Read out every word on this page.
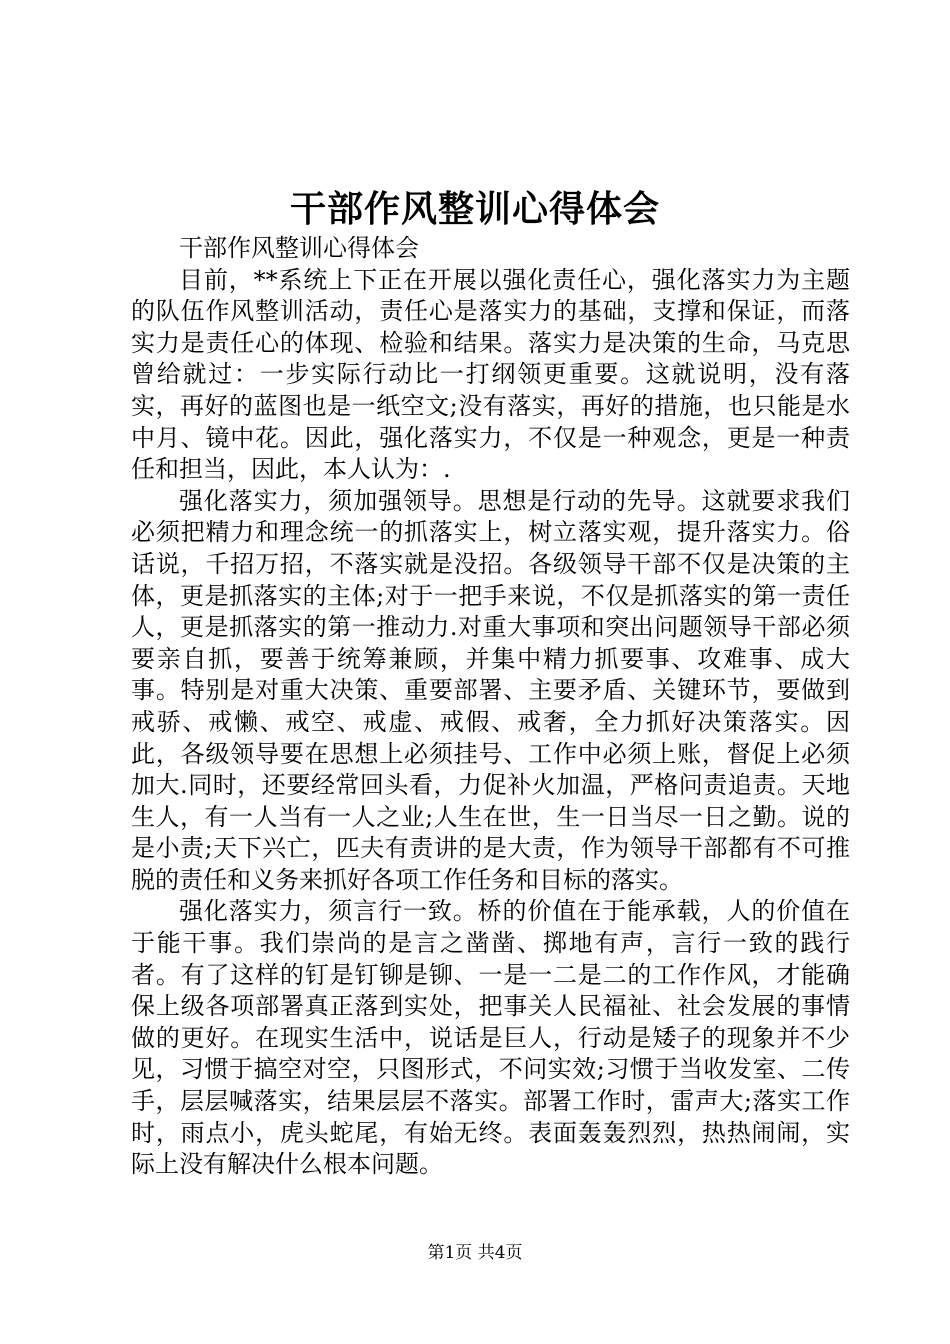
干部作风整训心得体会

干部作风整训心得体会

目前，**系统上下正在开展以强化责任心，强化落实力为主题的队伍作风整训活动，责任心是落实力的基础，支撑和保证，而落实力是责任心的体现、检验和结果。落实力是决策的生命，马克思曾给就过：一步实际行动比一打纲领更重要。这就说明，没有落实，再好的蓝图也是一纸空文;没有落实，再好的措施，也只能是水中月、镜中花。因此，强化落实力，不仅是一种观念，更是一种责任和担当，因此，本人认为：.

强化落实力，须加强领导。思想是行动的先导。这就要求我们必须把精力和理念统一的抓落实上，树立落实观，提升落实力。俗话说，千招万招，不落实就是没招。各级领导干部不仅是决策的主体，更是抓落实的主体;对于一把手来说，不仅是抓落实的第一责任人，更是抓落实的第一推动力.对重大事项和突出问题领导干部必须要亲自抓，要善于统筹兼顾，并集中精力抓要事、攻难事、成大事。特别是对重大决策、重要部署、主要矛盾、关键环节，要做到戒骄、戒懒、戒空、戒虚、戒假、戒奢，全力抓好决策落实。因此，各级领导要在思想上必须挂号、工作中必须上账，督促上必须加大.同时，还要经常回头看，力促补火加温，严格问责追责。天地生人，有一人当有一人之业;人生在世，生一日当尽一日之勤。说的是小责;天下兴亡，匹夫有责讲的是大责，作为领导干部都有不可推脱的责任和义务来抓好各项工作任务和目标的落实。

强化落实力，须言行一致。桥的价值在于能承载，人的价值在于能干事。我们崇尚的是言之凿凿、掷地有声，言行一致的践行者。有了这样的钉是钉铆是铆、一是一二是二的工作作风，才能确保上级各项部署真正落到实处，把事关人民福祉、社会发展的事情做的更好。在现实生活中，说话是巨人，行动是矮子的现象并不少见，习惯于搞空对空，只图形式，不问实效;习惯于当收发室、二传手，层层喊落实，结果层层不落实。部署工作时，雷声大;落实工作时，雨点小，虎头蛇尾，有始无终。表面轰轰烈烈，热热闹闹，实际上没有解决什么根本问题。

第1页 共4页
